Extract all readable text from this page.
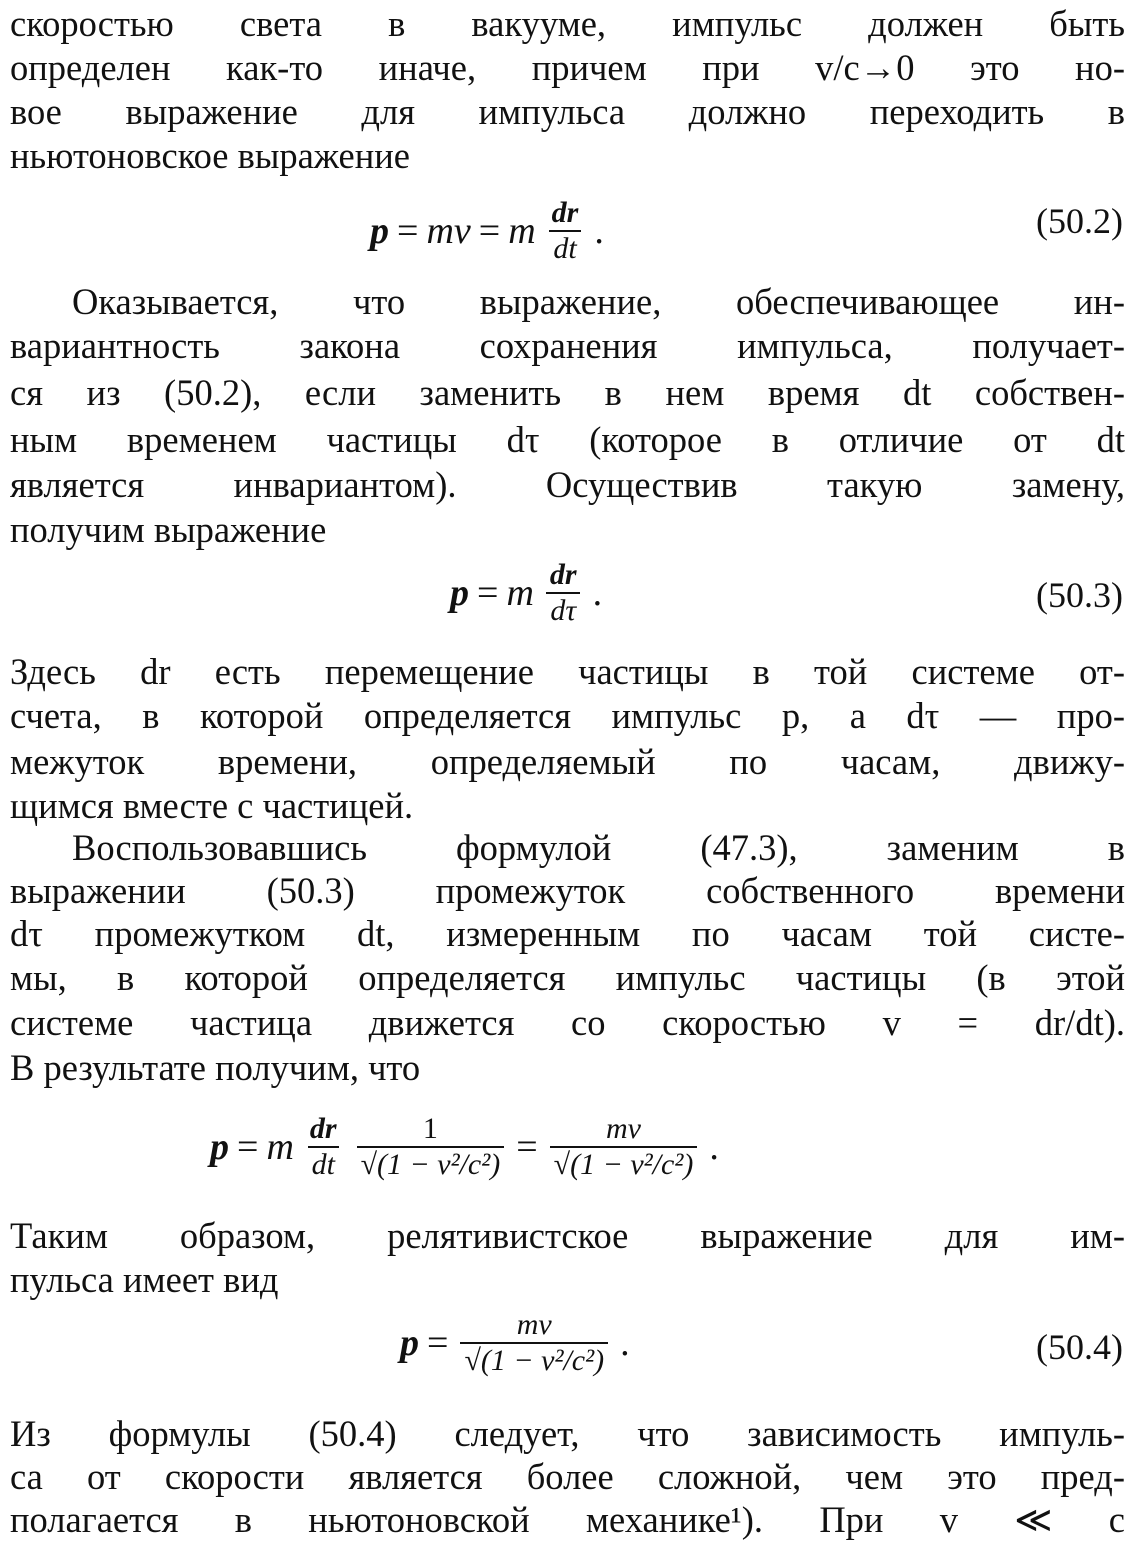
скоростью света в вакууме, импульс должен быть
определен как-то иначе, причем при v/c→0 это но-
вое выражение для импульса должно переходить в
ньютоновское выражение
p = mv = m $\frac{dr}{dt}$ .	(50.2)
Оказывается, что выражение, обеспечивающее ин-
вариантность закона сохранения импульса, получает-
ся из (50.2), если заменить в нем время dt собствен-
ным временем частицы dτ (которое в отличие от dt
является инвариантом). Осуществив такую замену,
получим выражение
p = m $\frac{dr}{d\tau}$ .	(50.3)
Здесь dr есть перемещение частицы в той системе от-
счета, в которой определяется импульс p, а dτ — про-
межуток времени, определяемый по часам, движу-
щимся вместе с частицей.
Воспользовавшись формулой (47.3), заменим в
выражении (50.3) промежуток собственного времени
dτ промежутком dt, измеренным по часам той систе-
мы, в которой определяется импульс частицы (в этой
системе частица движется со скоростью v = dr/dt).
В результате получим, что
p = m $\frac{dr}{dt} \frac{1}{\text{√(1 − v²/c²)}} = \frac{mv}{\text{√(1 − v²/c²)}}$ .
Таким образом, релятивистское выражение для им-
пульса имеет вид
$p = \frac{mv}{\text{√(1 − v²/c²)}}$ .	(50.4)
Из формулы (50.4) следует, что зависимость импуль-
са от скорости является более сложной, чем это пред-
полагается в ньютоновской механике¹). При v ≪ c
